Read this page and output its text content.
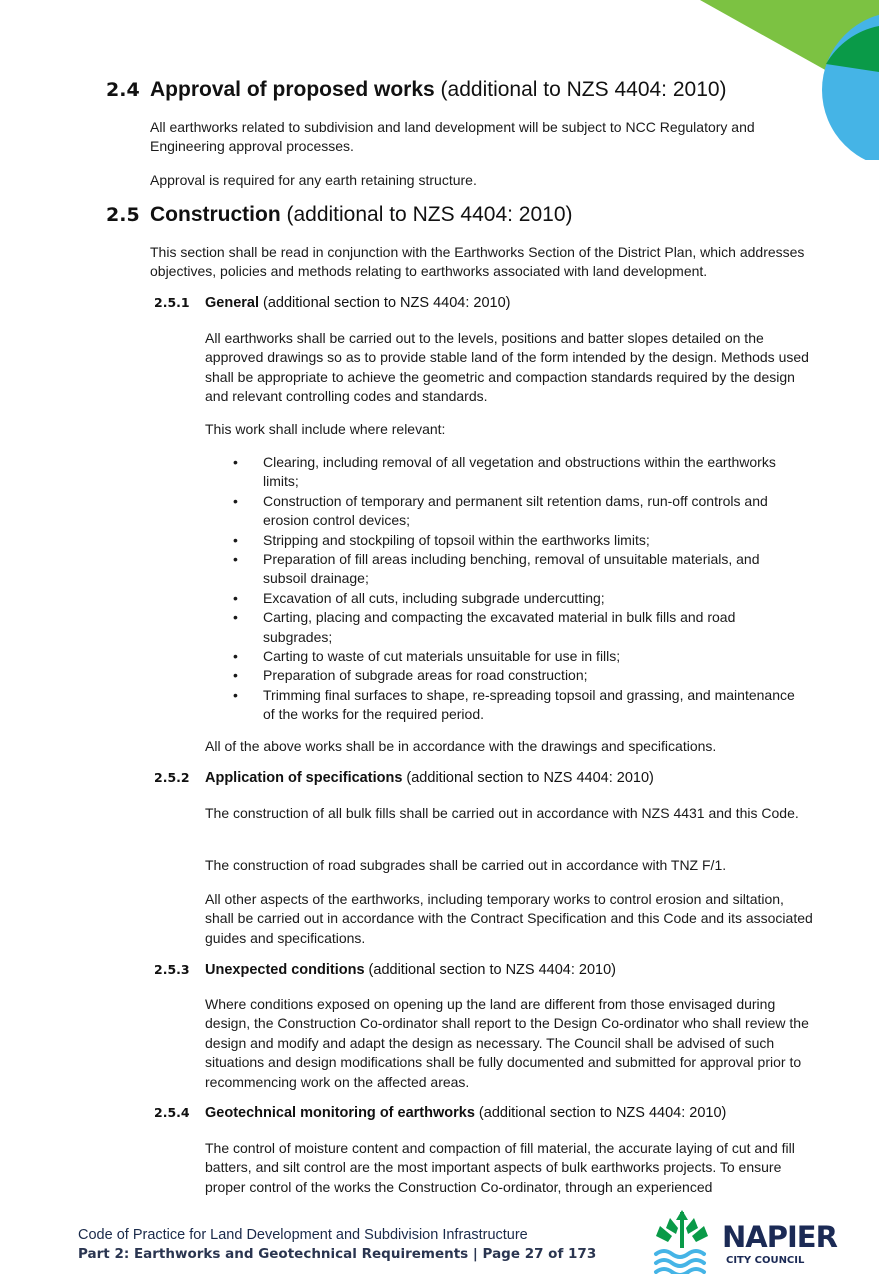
2.4 Approval of proposed works (additional to NZS 4404: 2010)

All earthworks related to subdivision and land development will be subject to NCC Regulatory and Engineering approval processes.

Approval is required for any earth retaining structure.

2.5 Construction (additional to NZS 4404: 2010)

This section shall be read in conjunction with the Earthworks Section of the District Plan, which addresses objectives, policies and methods relating to earthworks associated with land development.

2.5.1 General (additional section to NZS 4404: 2010)

All earthworks shall be carried out to the levels, positions and batter slopes detailed on the approved drawings so as to provide stable land of the form intended by the design. Methods used shall be appropriate to achieve the geometric and compaction standards required by the design and relevant controlling codes and standards.

This work shall include where relevant:

• Clearing, including removal of all vegetation and obstructions within the earthworks limits;
• Construction of temporary and permanent silt retention dams, run-off controls and erosion control devices;
• Stripping and stockpiling of topsoil within the earthworks limits;
• Preparation of fill areas including benching, removal of unsuitable materials, and subsoil drainage;
• Excavation of all cuts, including subgrade undercutting;
• Carting, placing and compacting the excavated material in bulk fills and road subgrades;
• Carting to waste of cut materials unsuitable for use in fills;
• Preparation of subgrade areas for road construction;
• Trimming final surfaces to shape, re-spreading topsoil and grassing, and maintenance of the works for the required period.

All of the above works shall be in accordance with the drawings and specifications.

2.5.2 Application of specifications (additional section to NZS 4404: 2010)

The construction of all bulk fills shall be carried out in accordance with NZS 4431 and this Code.

The construction of road subgrades shall be carried out in accordance with TNZ F/1.

All other aspects of the earthworks, including temporary works to control erosion and siltation, shall be carried out in accordance with the Contract Specification and this Code and its associated guides and specifications.

2.5.3 Unexpected conditions (additional section to NZS 4404: 2010)

Where conditions exposed on opening up the land are different from those envisaged during design, the Construction Co-ordinator shall report to the Design Co-ordinator who shall review the design and modify and adapt the design as necessary. The Council shall be advised of such situations and design modifications shall be fully documented and submitted for approval prior to recommencing work on the affected areas.

2.5.4 Geotechnical monitoring of earthworks (additional section to NZS 4404: 2010)

The control of moisture content and compaction of fill material, the accurate laying of cut and fill batters, and silt control are the most important aspects of bulk earthworks projects. To ensure proper control of the works the Construction Co-ordinator, through an experienced

Code of Practice for Land Development and Subdivision Infrastructure
Part 2: Earthworks and Geotechnical Requirements | Page 27 of 173	NAPIER
CITY COUNCIL
